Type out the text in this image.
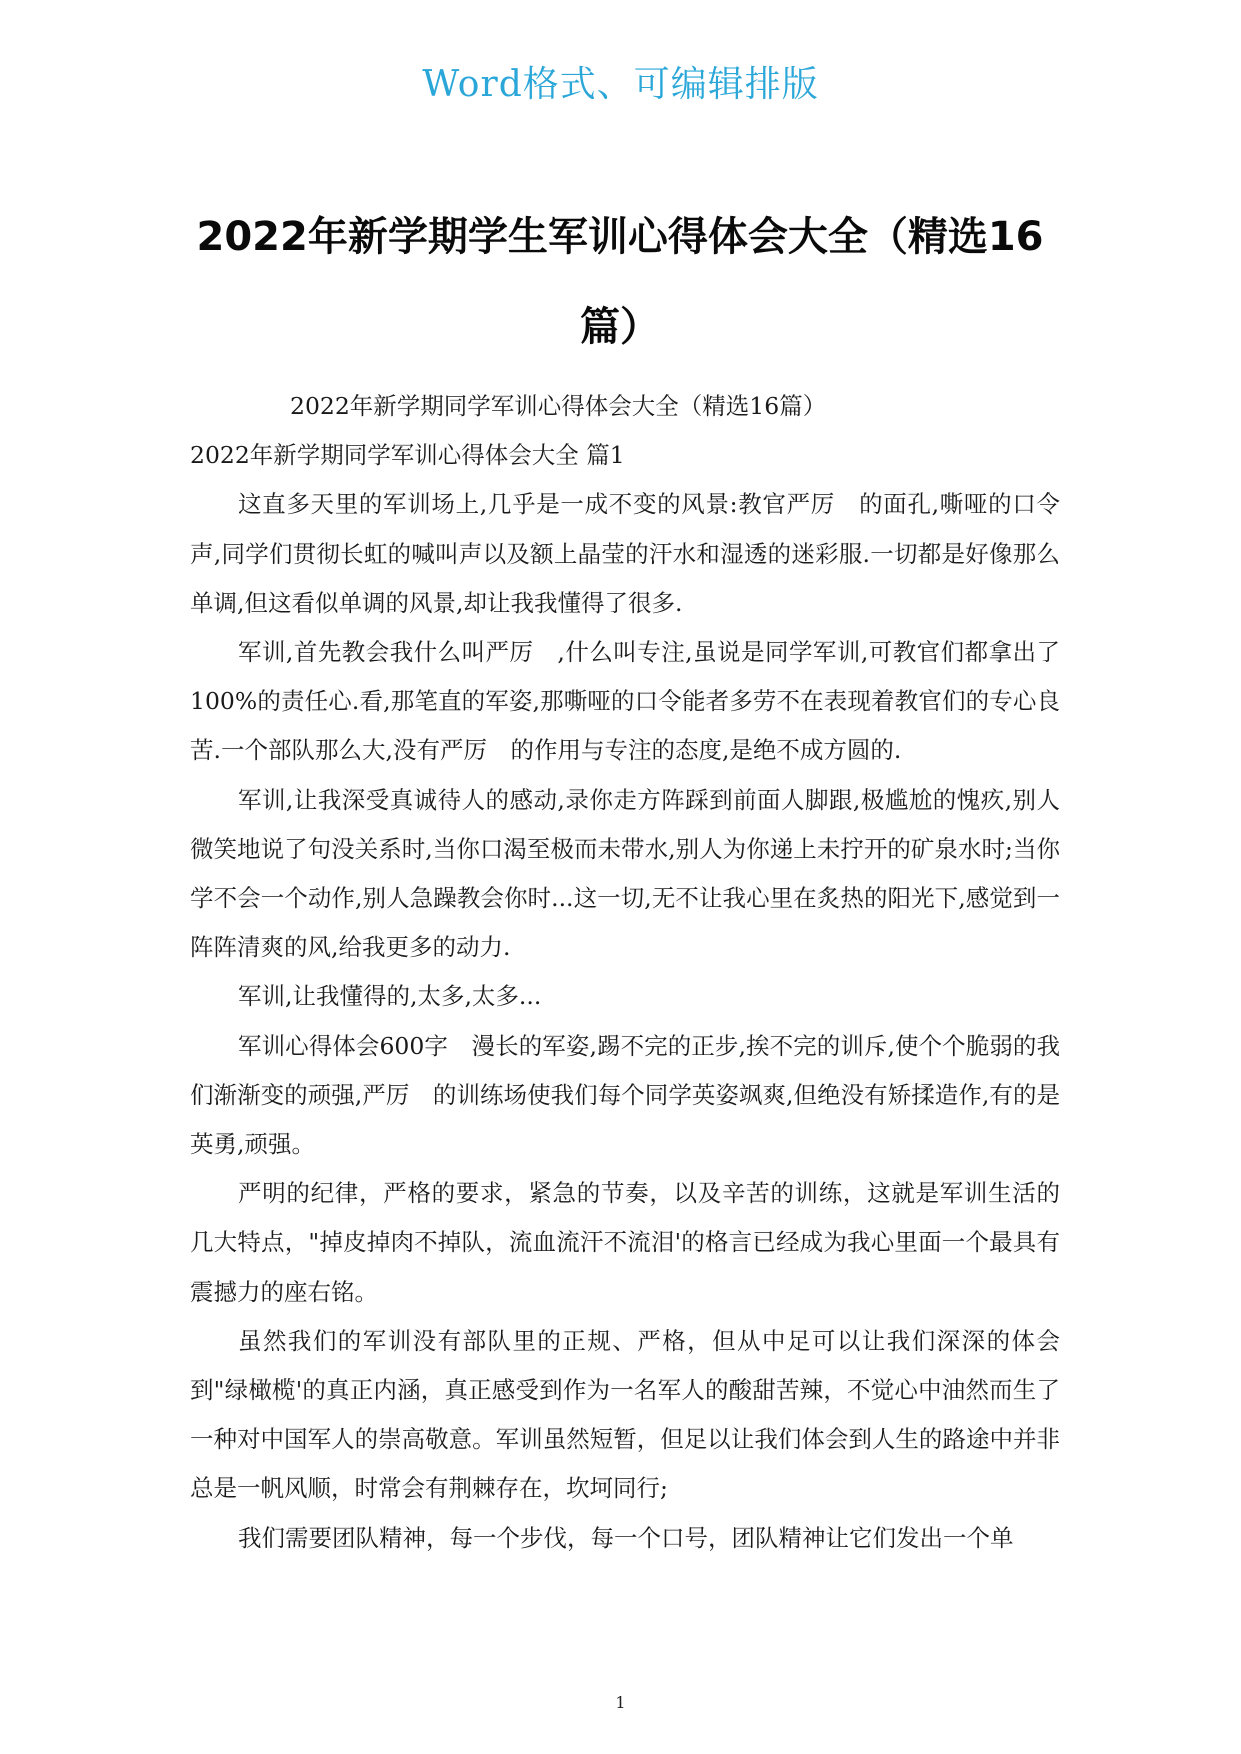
Word格式、可编辑排版
2022年新学期学生军训心得体会大全（精选16篇）

2022年新学期同学军训心得体会大全（精选16篇）

2022年新学期同学军训心得体会大全 篇1

这直多天里的军训场上,几乎是一成不变的风景:教官严厉　的面孔,嘶哑的口令声,同学们贯彻长虹的喊叫声以及额上晶莹的汗水和湿透的迷彩服.一切都是好像那么单调,但这看似单调的风景,却让我我懂得了很多.

军训,首先教会我什么叫严厉　,什么叫专注,虽说是同学军训,可教官们都拿出了100%的责任心.看,那笔直的军姿,那嘶哑的口令能者多劳不在表现着教官们的专心良苦.一个部队那么大,没有严厉　的作用与专注的态度,是绝不成方圆的.

军训,让我深受真诚待人的感动,录你走方阵踩到前面人脚跟,极尴尬的愧疚,别人微笑地说了句没关系时,当你口渴至极而未带水,别人为你递上未拧开的矿泉水时;当你学不会一个动作,别人急躁教会你时...这一切,无不让我心里在炙热的阳光下,感觉到一阵阵清爽的风,给我更多的动力.

军训,让我懂得的,太多,太多...

军训心得体会600字　漫长的军姿,踢不完的正步,挨不完的训斥,使个个脆弱的我们渐渐变的顽强,严厉　的训练场使我们每个同学英姿飒爽,但绝没有矫揉造作,有的是英勇,顽强。

严明的纪律，严格的要求，紧急的节奏，以及辛苦的训练，这就是军训生活的几大特点，"掉皮掉肉不掉队，流血流汗不流泪'的格言已经成为我心里面一个最具有震撼力的座右铭。

虽然我们的军训没有部队里的正规、严格，但从中足可以让我们深深的体会到"绿橄榄'的真正内涵，真正感受到作为一名军人的酸甜苦辣，不觉心中油然而生了一种对中国军人的崇高敬意。军训虽然短暂，但足以让我们体会到人生的路途中并非总是一帆风顺，时常会有荆棘存在，坎坷同行;

我们需要团队精神，每一个步伐，每一个口号，团队精神让它们发出一个单

1
